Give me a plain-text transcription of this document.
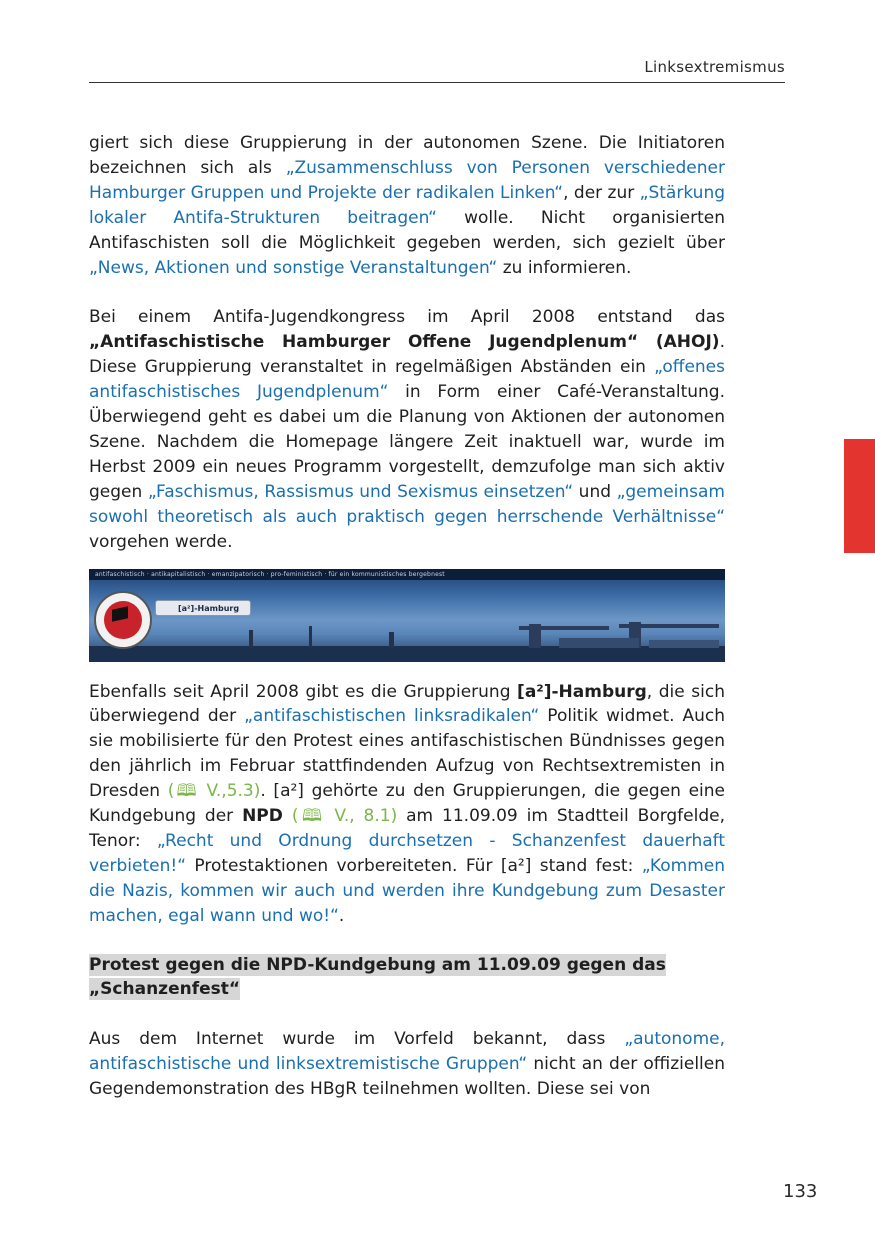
Linksextremismus

giert sich diese Gruppierung in der autonomen Szene. Die Initiatoren bezeichnen sich als „Zusammenschluss von Personen verschiedener Hamburger Gruppen und Projekte der radikalen Linken“, der zur „Stärkung lokaler Antifa-Strukturen beitragen“ wolle. Nicht organisierten Antifaschisten soll die Möglichkeit gegeben werden, sich gezielt über „News, Aktionen und sonstige Veranstaltungen“ zu informieren.

Bei einem Antifa-Jugendkongress im April 2008 entstand das „Antifaschistische Hamburger Offene Jugendplenum“ (AHOJ). Diese Gruppierung veranstaltet in regelmäßigen Abständen ein „offenes antifaschistisches Jugendplenum“ in Form einer Café-Veranstaltung. Überwiegend geht es dabei um die Planung von Aktionen der autonomen Szene. Nachdem die Homepage längere Zeit inaktuell war, wurde im Herbst 2009 ein neues Programm vorgestellt, demzufolge man sich aktiv gegen „Faschismus, Rassismus und Sexismus einsetzen“ und „gemeinsam sowohl theoretisch als auch praktisch gegen herrschende Verhältnisse“ vorgehen werde.

antifaschistisch · antikapitalistisch · emanzipatorisch · pro-feministisch · für ein kommunistisches bergebnest
[a²]-Hamburg

Ebenfalls seit April 2008 gibt es die Gruppierung [a²]-Hamburg, die sich überwiegend der „antifaschistischen linksradikalen“ Politik widmet. Auch sie mobilisierte für den Protest eines antifaschistischen Bündnisses gegen den jährlich im Februar stattfindenden Aufzug von Rechtsextremisten in Dresden (🕮 V.,5.3). [a²] gehörte zu den Gruppierungen, die gegen eine Kundgebung der NPD (🕮 V., 8.1) am 11.09.09 im Stadtteil Borgfelde, Tenor: „Recht und Ordnung durchsetzen - Schanzenfest dauerhaft verbieten!“ Protestaktionen vorbereiteten. Für [a²] stand fest: „Kommen die Nazis, kommen wir auch und werden ihre Kundgebung zum Desaster machen, egal wann und wo!“.

Protest gegen die NPD-Kundgebung am 11.09.09 gegen das „Schanzenfest“

Aus dem Internet wurde im Vorfeld bekannt, dass „autonome, antifaschistische und linksextremistische Gruppen“ nicht an der offiziellen Gegendemonstration des HBgR teilnehmen wollten. Diese sei von

133
